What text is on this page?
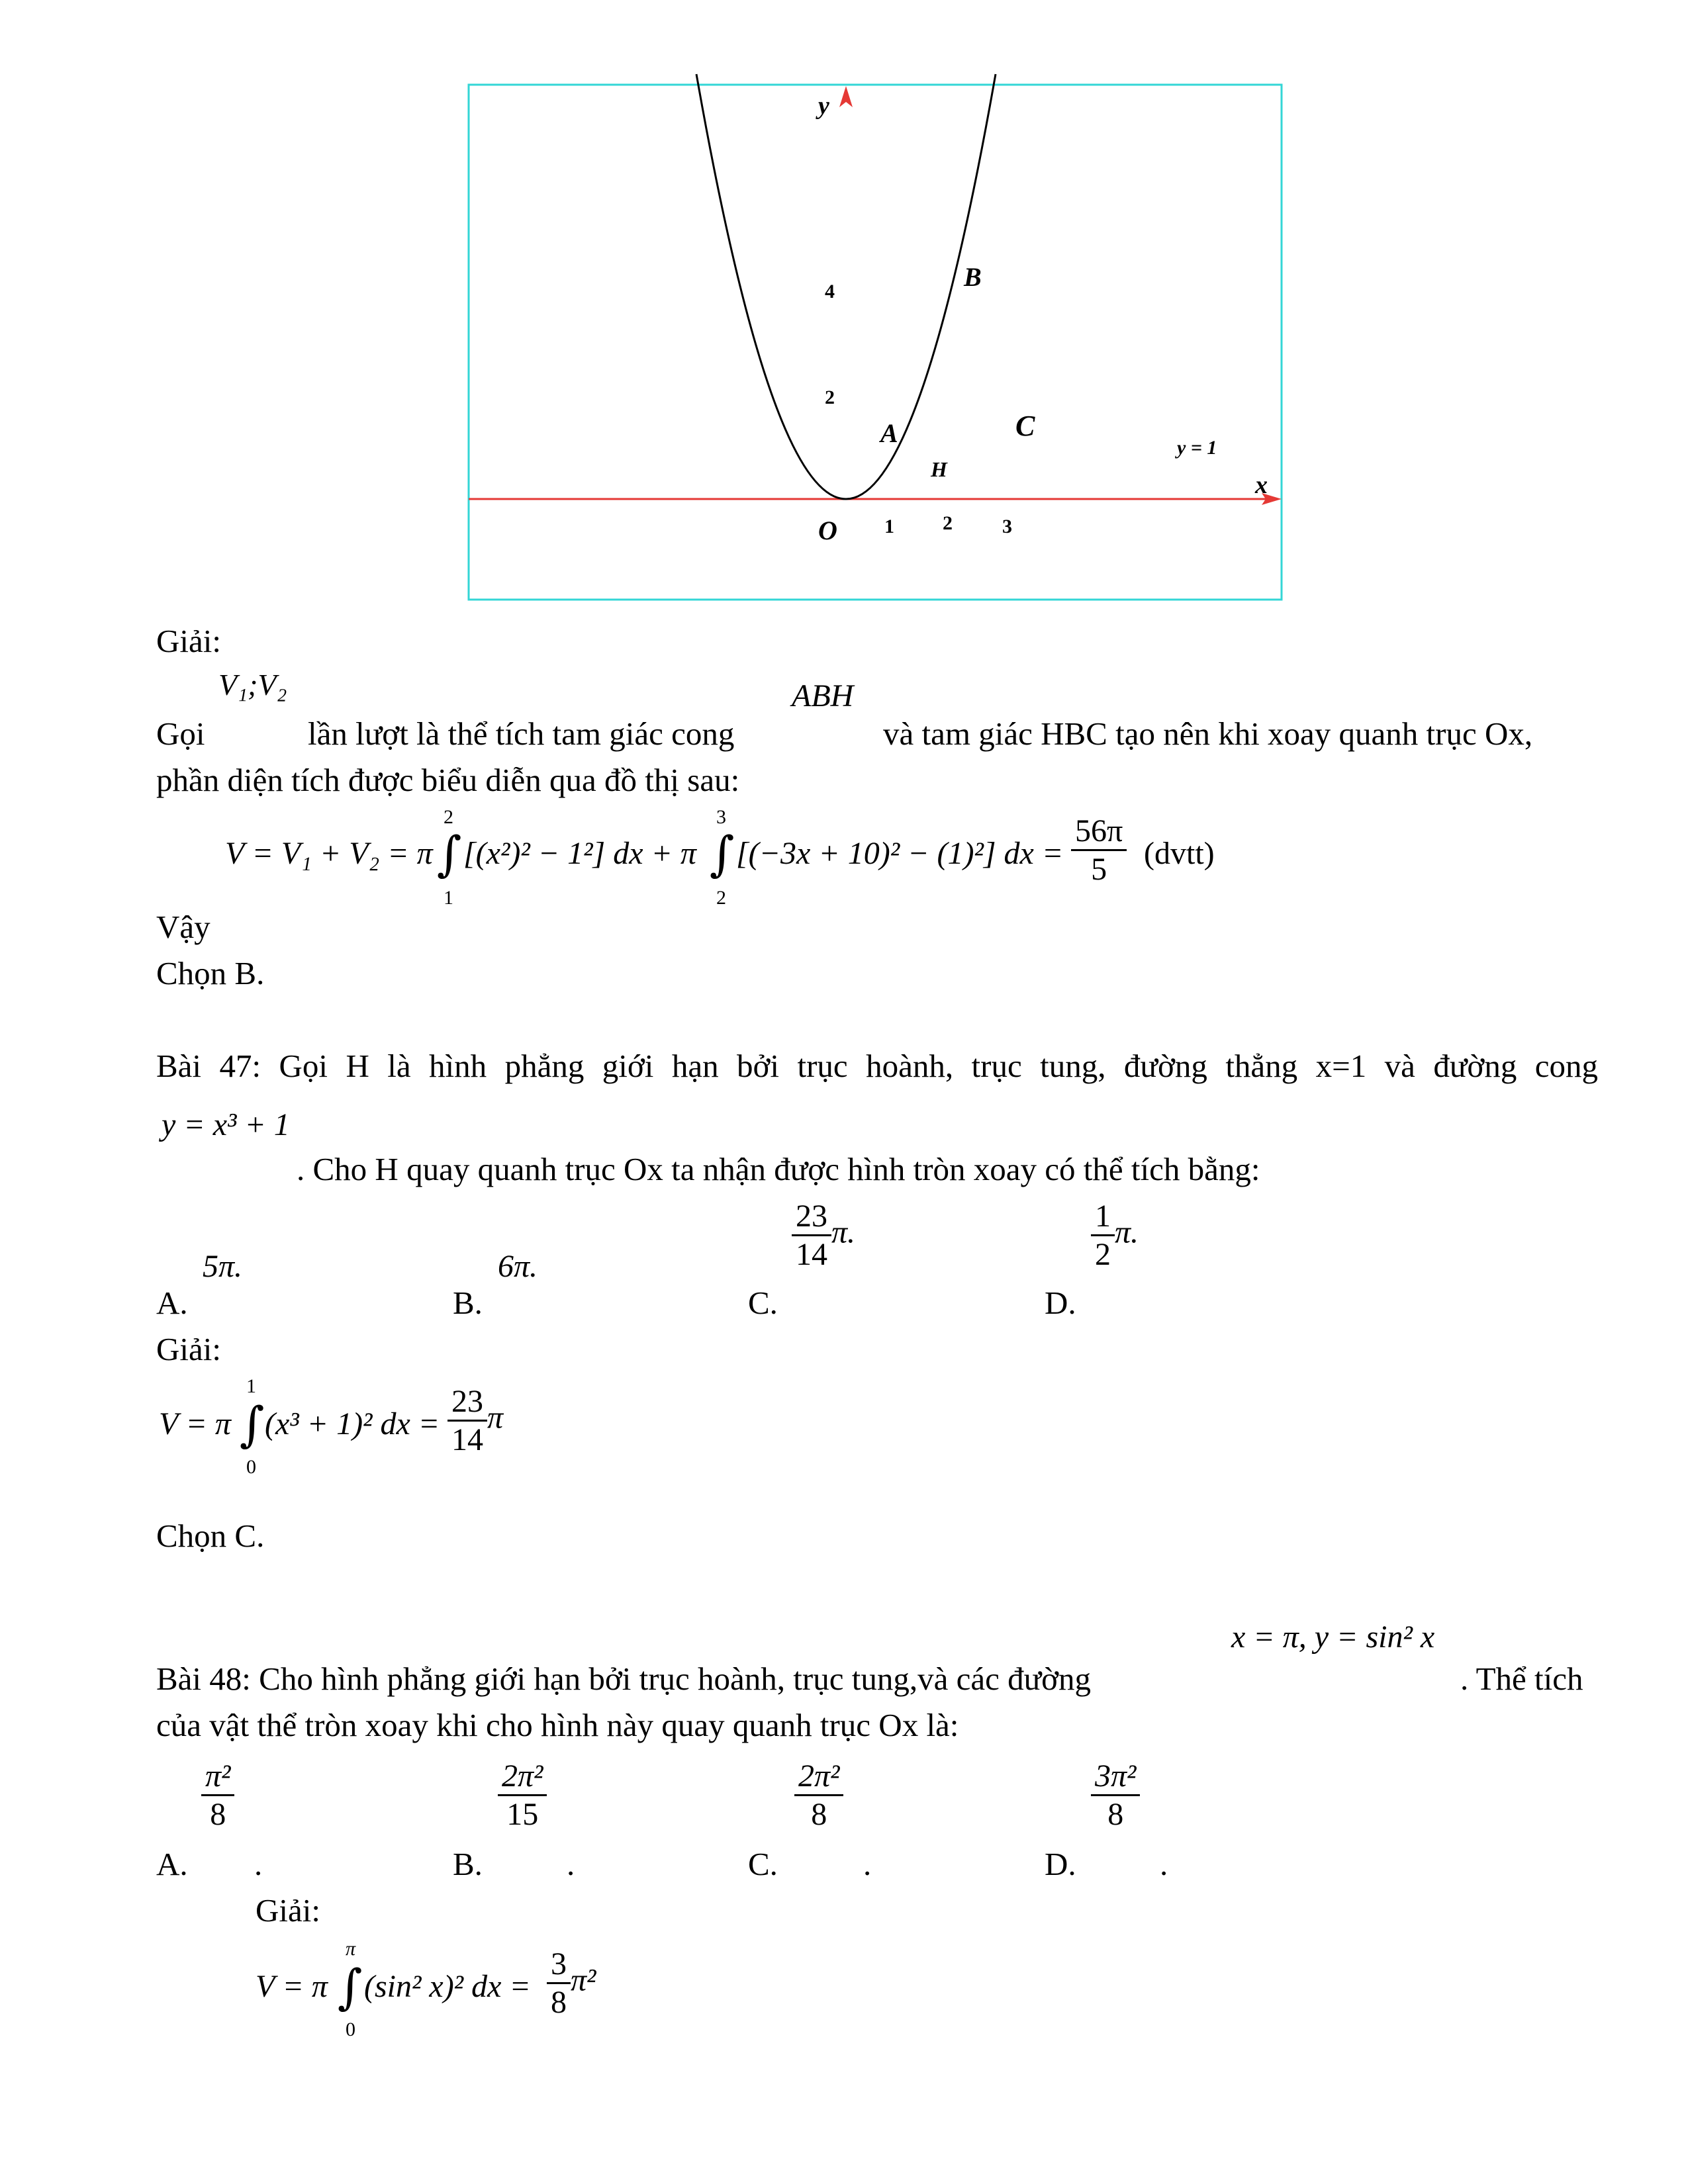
y
x
O
4
2
1 2	3
A
B
C
H
y = 1
Giải:
V₁;V₂	ABH
Gọi	lần lượt là thể tích tam giác cong	và tam giác HBC tạo nên khi xoay quanh trục Ox,
phần diện tích được biểu diễn qua đồ thị sau:
V = V₁ + V₂ = π ∫
2
1
[(x²)² − 1²] dx + π ∫
3
2
[(−3x + 10)² − (1)²] dx = $\frac{56\pi}{5}$ (dvtt)
Vậy
Chọn B.
Bài 47: Gọi H là hình phẳng giới hạn bởi trục hoành, trục tung, đường thẳng x=1 và đường cong
y = x³ + 1
. Cho H quay quanh trục Ox ta nhận được hình tròn xoay có thể tích bằng:
A.
5π.
B.
6π.
C.
$\frac{23}{14} \pi$.
D.
$\frac{1}{2} \pi$.
Giải:
V = π ∫
1
0
(x³ + 1)² dx = $\frac{23}{14}$ π
Chọn C.
x = π, y = sin² x
Bài 48: Cho hình phẳng giới hạn bởi trục hoành, trục tung,và các đường	. Thể tích
của vật thể tròn xoay khi cho hình này quay quanh trục Ox là:
A.
$\frac{\text{π²}}{8}$
.	B.
$\frac{\text{2π²}}{15}$
.	C.
$\frac{\text{2π²}}{8}$
.	D.
$\frac{\text{3π²}}{8}$
.
Giải:
V = π ∫
π
0
(sin² x)² dx = $\frac{3}{8} \pi^2$
